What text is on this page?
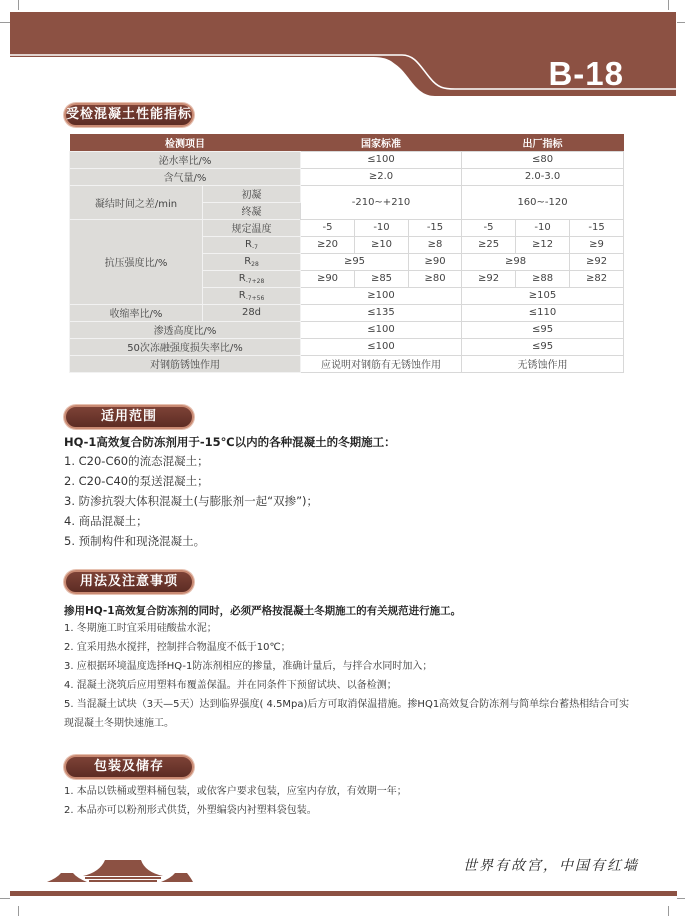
B-18
受检混凝土性能指标
检测项目		国家标准			出厂指标		
泌水率比/%		≤100			≤80		
含气量/%		≥2.0			2.0-3.0		
凝结时间之差/min	初凝	-210~+210			160~-120		
	终凝						
抗压强度比/%	规定温度	-5	-10	-15	-5	-10	-15
	$R_{-7}$	≥20	≥10	≥8	≥25	≥12	≥9
	$R_{28}$	≥95		≥90	≥98		≥92
	$R_{-7+28}$	≥90	≥85	≥80	≥92	≥88	≥82
	$R_{-7+56}$	≥100			≥105		
收缩率比/%	28d	≤135			≤110		
渗透高度比/%		≤100			≤95		
50次冻融强度损失率比/%		≤100			≤95		
对钢筋锈蚀作用		应说明对钢筋有无锈蚀作用			无锈蚀作用		
适用范围
HQ-1高效复合防冻剂用于-15℃以内的各种混凝土的冬期施工：
1. C20-C60的流态混凝土；
2. C20-C40的泵送混凝土；
3. 防渗抗裂大体积混凝土(与膨胀剂一起“双掺”)；
4. 商品混凝土；
5. 预制构件和现浇混凝土。
用法及注意事项
掺用HQ-1高效复合防冻剂的同时，必须严格按混凝土冬期施工的有关规范进行施工。
1. 冬期施工时宜采用硅酸盐水泥；
2. 宜采用热水搅拌，控制拌合物温度不低于10℃；
3. 应根据环境温度选择HQ-1防冻剂相应的掺量，准确计量后，与拌合水同时加入；
4. 混凝土浇筑后应用塑料布覆盖保温。并在同条件下预留试块、以备检测；
5. 当混凝土试块（3天—5天）达到临界强度( 4.5Mpa)后方可取消保温措施。掺HQ1高效复合防冻剂与简单综台蓄热相结合可实
现混凝土冬期快速施工。
包装及储存
1. 本品以铁桶或塑料桶包装，或依客户要求包装，应室内存放，有效期一年；
2. 本品亦可以粉剂形式供货，外塑编袋内衬塑料袋包装。
世界有故宫，中国有红墙
